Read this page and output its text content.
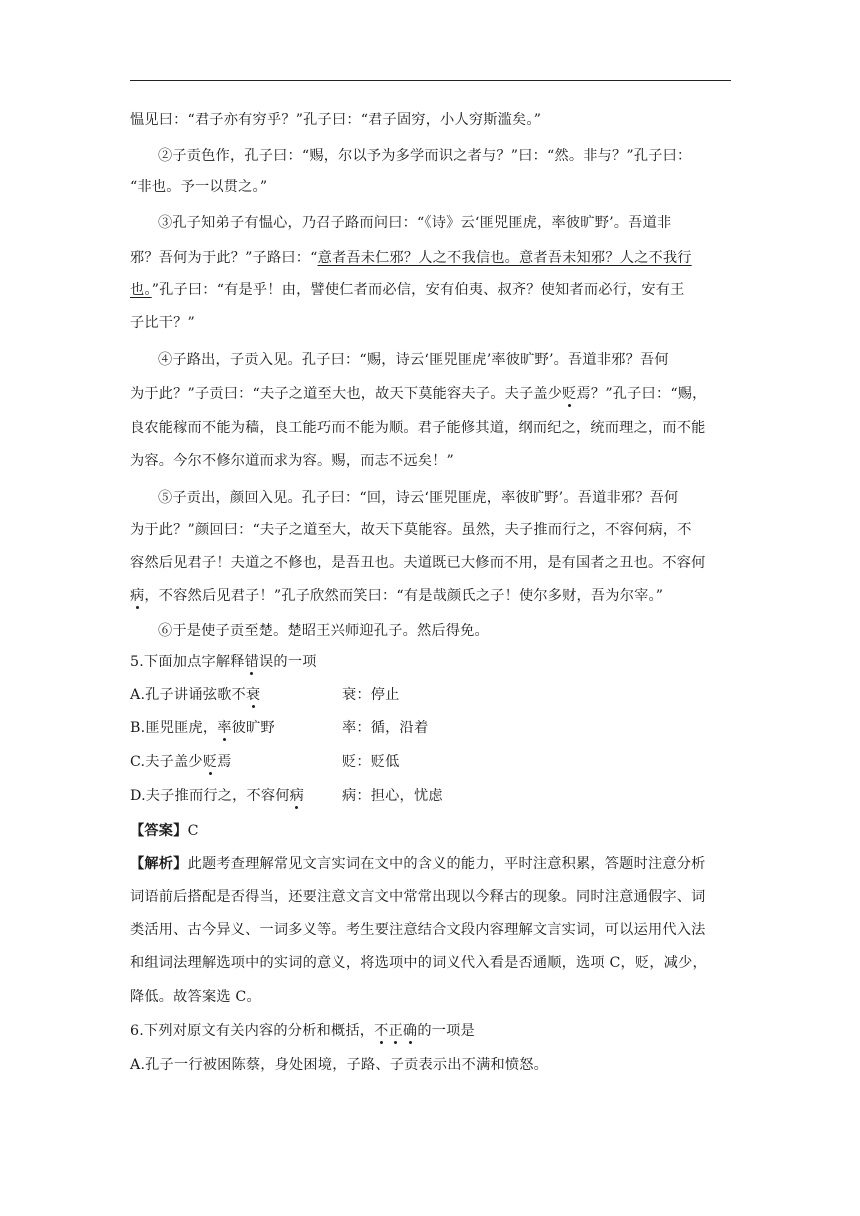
愠见曰：“君子亦有穷乎？”孔子曰：“君子固穷，小人穷斯滥矣。”
②子贡色作，孔子曰：“赐，尔以予为多学而识之者与？”曰：“然。非与？”孔子曰：
“非也。予一以贯之。”
③孔子知弟子有愠心，乃召子路而问曰：“《诗》云‘匪兕匪虎，率彼旷野’。吾道非
邪？吾何为于此？”子路曰：“意者吾未仁邪？人之不我信也。意者吾未知邪？人之不我行
也。”孔子曰：“有是乎！由，譬使仁者而必信，安有伯夷、叔齐？使知者而必行，安有王
子比干？”
④子路出，子贡入见。孔子曰：“赐，诗云‘匪兕匪虎’率彼旷野’。吾道非邪？吾何
为于此？”子贡曰：“夫子之道至大也，故天下莫能容夫子。夫子盖少贬焉？”孔子曰：“赐，
良农能稼而不能为穑，良工能巧而不能为顺。君子能修其道，纲而纪之，统而理之，而不能
为容。今尔不修尔道而求为容。赐，而志不远矣！”
⑤子贡出，颜回入见。孔子曰：“回，诗云‘匪兕匪虎，率彼旷野’。吾道非邪？吾何
为于此？”颜回曰：“夫子之道至大，故天下莫能容。虽然，夫子推而行之，不容何病，不
容然后见君子！夫道之不修也，是吾丑也。夫道既已大修而不用，是有国者之丑也。不容何
病，不容然后见君子！”孔子欣然而笑曰：“有是哉颜氏之子！使尔多财，吾为尔宰。”
⑥于是使子贡至楚。楚昭王兴师迎孔子。然后得免。
5.下面加点字解释错误的一项
A.孔子讲诵弦歌不衰	衰：停止
B.匪兕匪虎，率彼旷野	率：循，沿着
C.夫子盖少贬焉	贬：贬低
D.夫子推而行之，不容何病	病：担心，忧虑
【答案】C
【解析】此题考查理解常见文言实词在文中的含义的能力，平时注意积累，答题时注意分析
词语前后搭配是否得当，还要注意文言文中常常出现以今释古的现象。同时注意通假字、词
类活用、古今异义、一词多义等。考生要注意结合文段内容理解文言实词，可以运用代入法
和组词法理解选项中的实词的意义，将选项中的词义代入看是否通顺，选项 C，贬，减少，
降低。故答案选 C。
6.下列对原文有关内容的分析和概括，不正确的一项是
A.孔子一行被困陈蔡，身处困境，子路、子贡表示出不满和愤怒。
